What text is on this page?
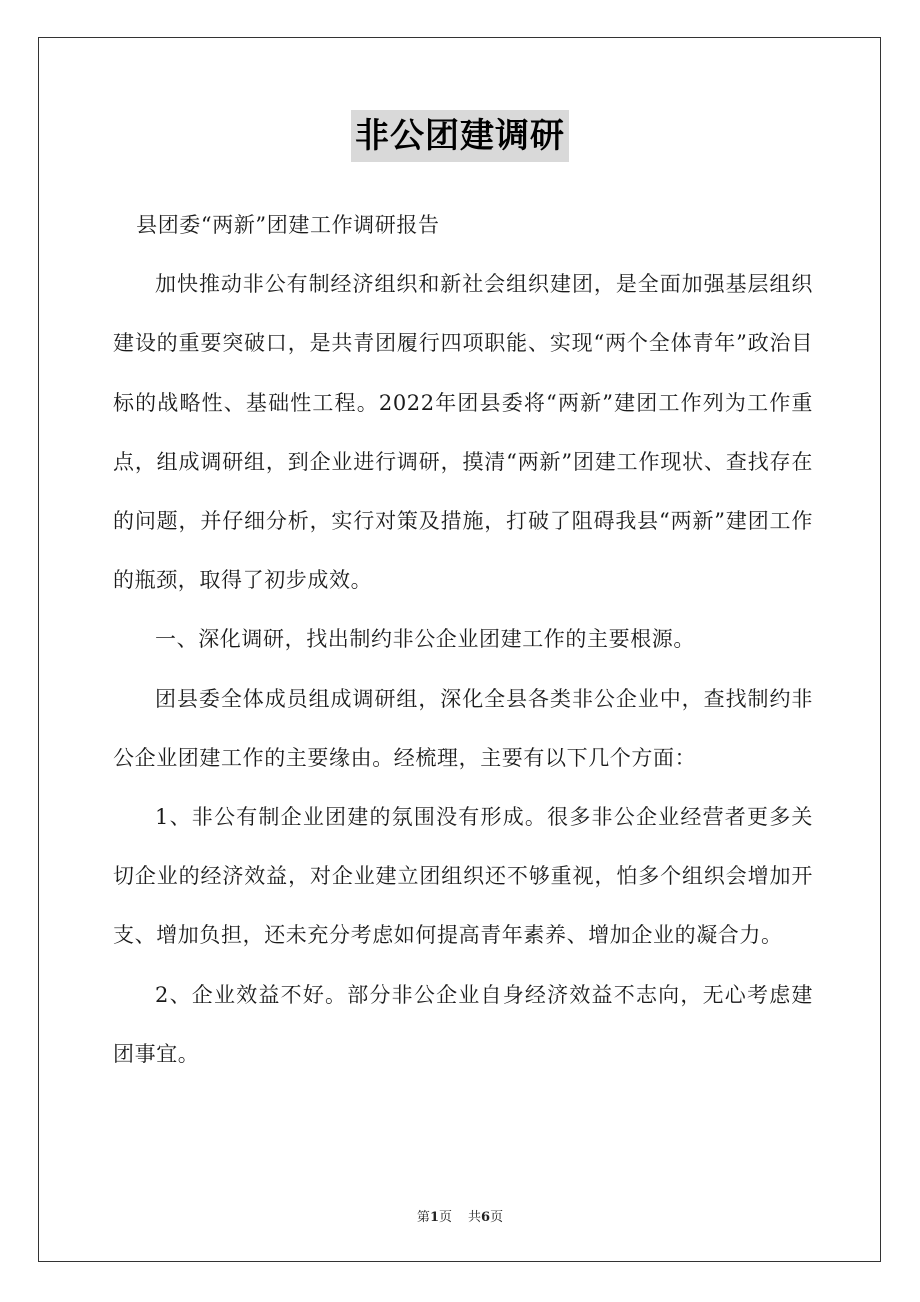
非公团建调研

县团委“两新”团建工作调研报告

加快推动非公有制经济组织和新社会组织建团，是全面加强基层组织建设的重要突破口，是共青团履行四项职能、实现“两个全体青年”政治目标的战略性、基础性工程。2022年团县委将“两新”建团工作列为工作重点，组成调研组，到企业进行调研，摸清“两新”团建工作现状、查找存在的问题，并仔细分析，实行对策及措施，打破了阻碍我县“两新”建团工作的瓶颈，取得了初步成效。

一、深化调研，找出制约非公企业团建工作的主要根源。

团县委全体成员组成调研组，深化全县各类非公企业中，查找制约非公企业团建工作的主要缘由。经梳理，主要有以下几个方面：

1、非公有制企业团建的氛围没有形成。很多非公企业经营者更多关切企业的经济效益，对企业建立团组织还不够重视，怕多个组织会增加开支、增加负担，还未充分考虑如何提高青年素养、增加企业的凝合力。

2、企业效益不好。部分非公企业自身经济效益不志向，无心考虑建团事宜。

第1页 共6页
